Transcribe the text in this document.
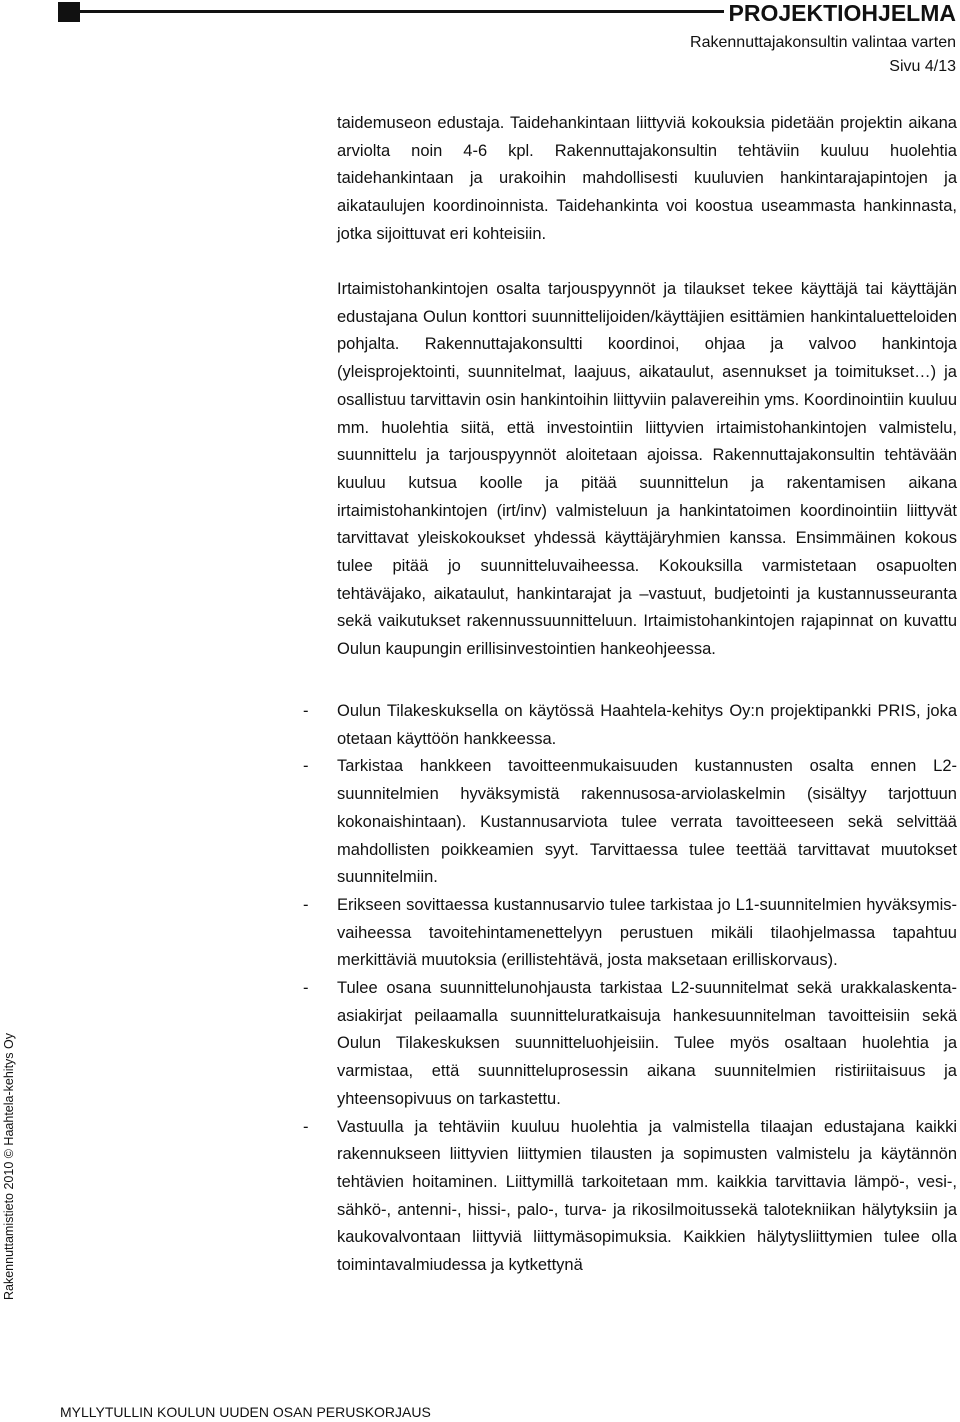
PROJEKTIOHJELMA
Rakennuttajakonsultin valintaa varten
Sivu 4/13

taidemuseon edustaja. Taidehankintaan liittyviä kokouksia pidetään projektin aikana arviolta noin 4-6 kpl. Rakennuttajakonsultin tehtäviin kuuluu huolehtia taidehankintaan ja urakoihin mahdollisesti kuuluvien hankintarajapintojen ja aikataulujen koordinoinnista. Taidehankinta voi koostua useammasta hankinnasta, jotka sijoittuvat eri kohteisiin.

Irtaimistohankintojen osalta tarjouspyynnöt ja tilaukset tekee käyttäjä tai käyttäjän edustajana Oulun konttori suunnittelijoiden/käyttäjien esittämien hankintaluetteloiden pohjalta. Rakennuttajakonsultti koordinoi, ohjaa ja valvoo hankintoja (yleisprojektointi, suunnitelmat, laajuus, aikataulut, asennukset ja toimitukset…) ja osallistuu tarvittavin osin hankintoihin liittyviin palavereihin yms. Koordinointiin kuuluu mm. huolehtia siitä, että investointiin liittyvien irtaimistohankintojen valmistelu, suunnittelu ja tarjouspyynnöt aloitetaan ajoissa. Rakennuttajakonsultin tehtävään kuuluu kutsua koolle ja pitää suunnittelun ja rakentamisen aikana irtaimistohankintojen (irt/inv) valmisteluun ja hankintatoimen koordinointiin liittyvät tarvittavat yleiskokoukset yhdessä käyttäjäryhmien kanssa. Ensimmäinen kokous tulee pitää jo suunnitteluvaiheessa. Kokouksilla varmistetaan osapuolten tehtäväjako, aikataulut, hankintarajat ja –vastuut, budjetointi ja kustannusseuranta sekä vaikutukset rakennussuunnitteluun. Irtaimistohankintojen rajapinnat on kuvattu Oulun kaupungin erillisinvestointien hankeohjeessa.

- Oulun Tilakeskuksella on käytössä Haahtela-kehitys Oy:n projektipankki PRIS, joka otetaan käyttöön hankkeessa.
- Tarkistaa hankkeen tavoitteenmukaisuuden kustannusten osalta ennen L2-suunnitelmien hyväksymistä rakennusosa-arviolaskelmin (sisältyy tarjottuun kokonaishintaan). Kustannusarviota tulee verrata tavoitteeseen sekä selvittää mahdollisten poikkeamien syyt. Tarvittaessa tulee teettää tarvittavat muutokset suunnitelmiin.
- Erikseen sovittaessa kustannusarvio tulee tarkistaa jo L1-suunnitelmien hyväksymis-vaiheessa tavoitehintamenettelyyn perustuen mikäli tilaohjelmassa tapahtuu merkittäviä muutoksia (erillistehtävä, josta maksetaan erilliskorvaus).
- Tulee osana suunnittelunohjausta tarkistaa L2-suunnitelmat sekä urakkalaskenta-asiakirjat peilaamalla suunnitteluratkaisuja hankesuunnitelman tavoitteisiin sekä Oulun Tilakeskuksen suunnitteluohjeisiin. Tulee myös osaltaan huolehtia ja varmistaa, että suunnitteluprosessin aikana suunnitelmien ristiriitaisuus ja yhteensopivuus on tarkastettu.
- Vastuulla ja tehtäviin kuuluu huolehtia ja valmistella tilaajan edustajana kaikki rakennukseen liittyvien liittymien tilausten ja sopimusten valmistelu ja käytännön tehtävien hoitaminen. Liittymillä tarkoitetaan mm. kaikkia tarvittavia lämpö-, vesi-, sähkö-, antenni-, hissi-, palo-, turva- ja rikosilmoitussekä talotekniikan hälytyksiin ja kaukovalvontaan liittyviä liittymäsopimuksia. Kaikkien hälytysliittymien tulee olla toimintavalmiudessa ja kytkettynä
Rakennuttamistieto 2010 © Haahtela-kehitys Oy
MYLLYTULLIN KOULUN UUDEN OSAN PERUSKORJAUS
